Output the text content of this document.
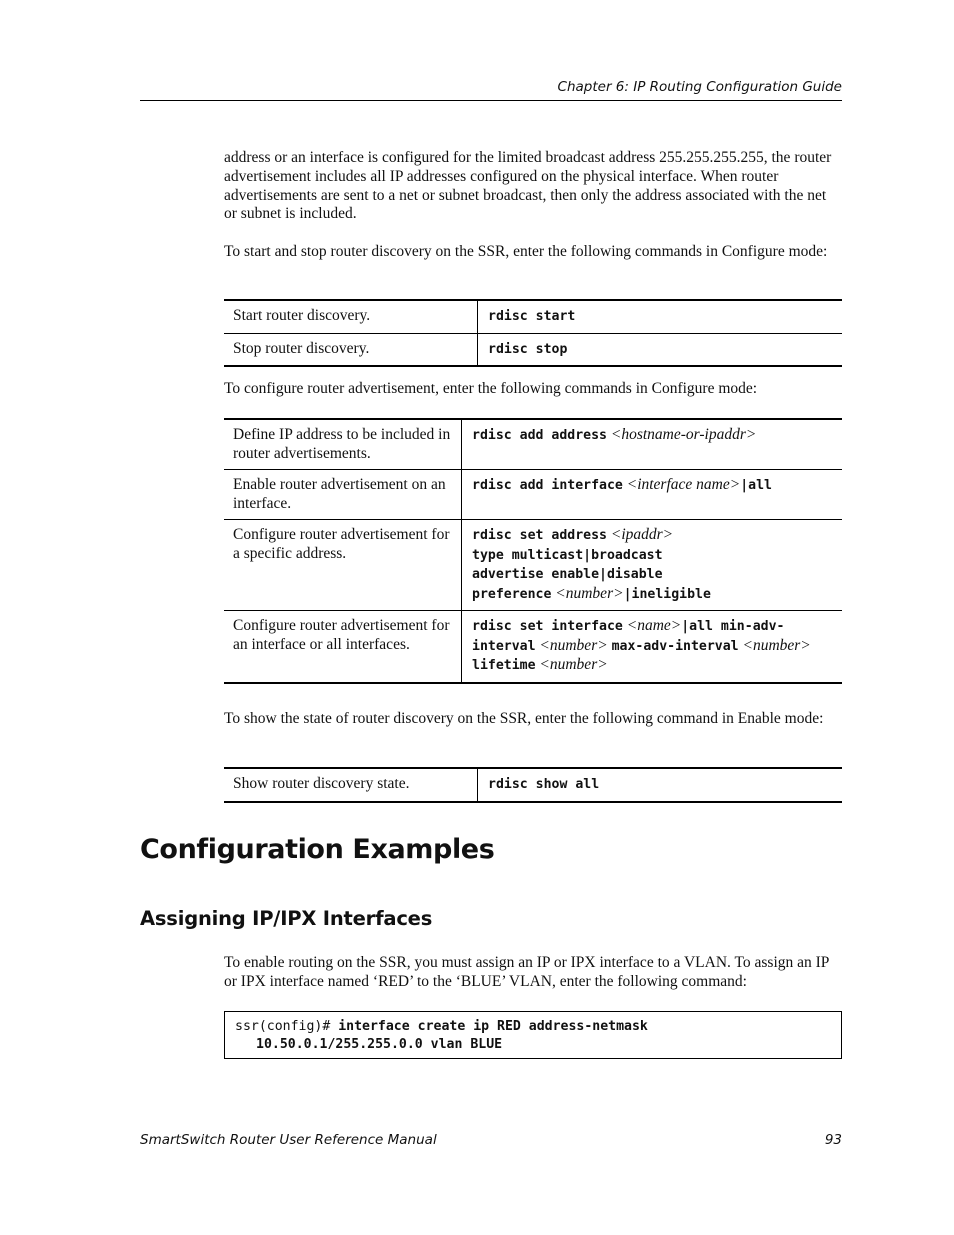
Chapter 6: IP Routing Configuration Guide

address or an interface is configured for the limited broadcast address 255.255.255.255, the router advertisement includes all IP addresses configured on the physical interface. When router advertisements are sent to a net or subnet broadcast, then only the address associated with the net or subnet is included.

To start and stop router discovery on the SSR, enter the following commands in Configure mode:

Start router discovery.	rdisc start
Stop router discovery.	rdisc stop

To configure router advertisement, enter the following commands in Configure mode:

Define IP address to be included in router advertisements.	rdisc add address <hostname-or-ipaddr>
Enable router advertisement on an interface.	rdisc add interface <interface name>|all
Configure router advertisement for a specific address.	rdisc set address <ipaddr>
type multicast|broadcast
advertise enable|disable
preference <number>|ineligible
Configure router advertisement for an interface or all interfaces.	rdisc set interface <name>|all min-adv-
interval <number> max-adv-interval <number>
lifetime <number>

To show the state of router discovery on the SSR, enter the following command in Enable mode:

Show router discovery state.	rdisc show all
Configuration Examples
Assigning IP/IPX Interfaces

To enable routing on the SSR, you must assign an IP or IPX interface to a VLAN. To assign an IP or IPX interface named ‘RED’ to the ‘BLUE’ VLAN, enter the following command:

ssr(config)# interface create ip RED address-netmask
10.50.0.1/255.255.0.0 vlan BLUE
SmartSwitch Router User Reference Manual	93
